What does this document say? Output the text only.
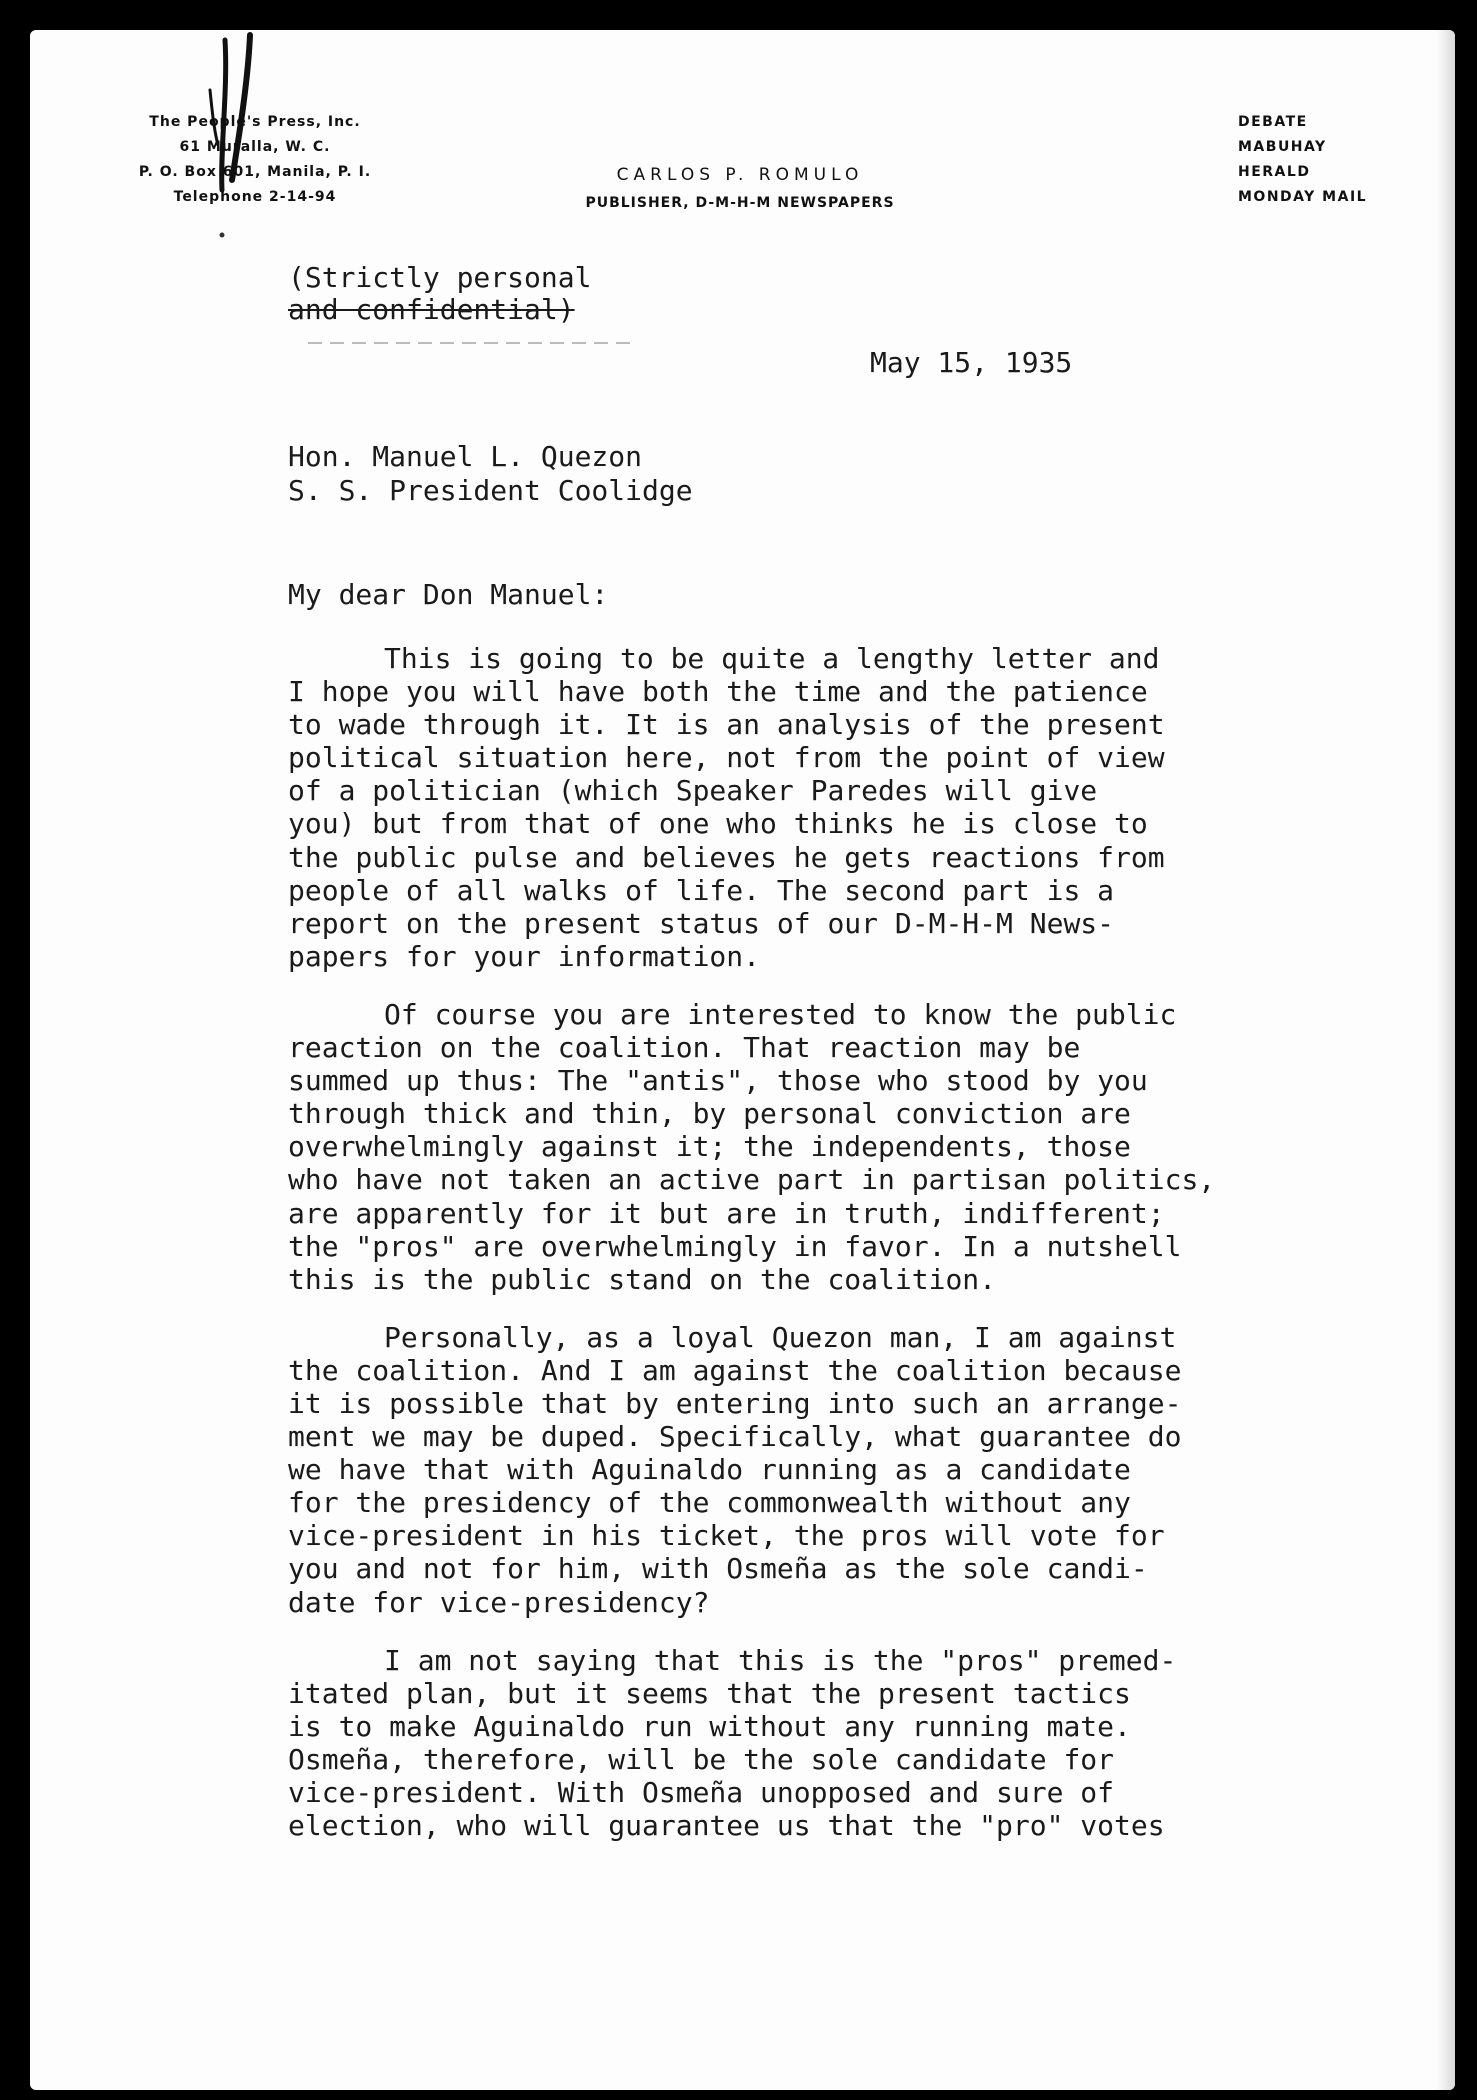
The People's Press, Inc.
61 Muralla, W. C.
P. O. Box 601, Manila, P. I.
Telephone 2-14-94
CARLOS P. ROMULO
PUBLISHER, D-M-H-M NEWSPAPERS
DEBATE
MABUHAY
HERALD
MONDAY MAIL
(Strictly personal
and confidential)
May 15, 1935
Hon. Manuel L. Quezon
S. S. President Coolidge
My dear Don Manuel:
This is going to be quite a lengthy letter and
I hope you will have both the time and the patience
to wade through it. It is an analysis of the present
political situation here, not from the point of view
of a politician (which Speaker Paredes will give
you) but from that of one who thinks he is close to
the public pulse and believes he gets reactions from
people of all walks of life. The second part is a
report on the present status of our D-M-H-M News-
papers for your information.
Of course you are interested to know the public
reaction on the coalition. That reaction may be
summed up thus: The "antis", those who stood by you
through thick and thin, by personal conviction are
overwhelmingly against it; the independents, those
who have not taken an active part in partisan politics,
are apparently for it but are in truth, indifferent;
the "pros" are overwhelmingly in favor. In a nutshell
this is the public stand on the coalition.
Personally, as a loyal Quezon man, I am against
the coalition. And I am against the coalition because
it is possible that by entering into such an arrange-
ment we may be duped. Specifically, what guarantee do
we have that with Aguinaldo running as a candidate
for the presidency of the commonwealth without any
vice-president in his ticket, the pros will vote for
you and not for him, with Osmeña as the sole candi-
date for vice-presidency?
I am not saying that this is the "pros" premed-
itated plan, but it seems that the present tactics
is to make Aguinaldo run without any running mate.
Osmeña, therefore, will be the sole candidate for
vice-president. With Osmeña unopposed and sure of
election, who will guarantee us that the "pro" votes
